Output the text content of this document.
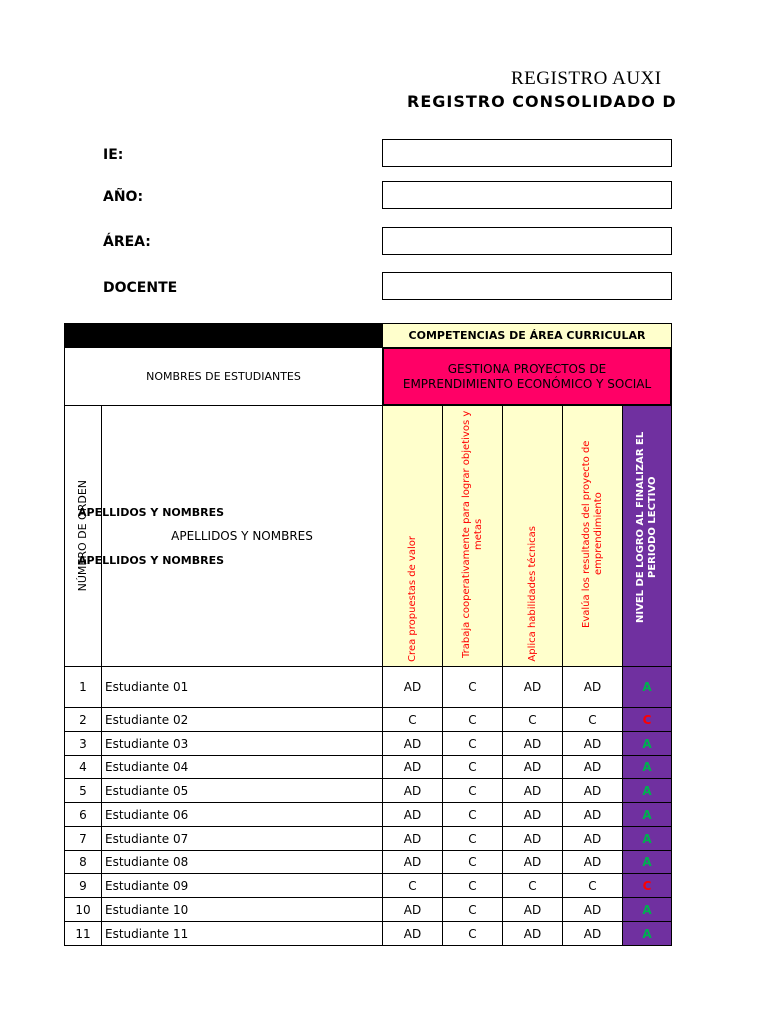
REGISTRO AUXI
REGISTRO CONSOLIDADO D
IE:
AÑO:
ÁREA:
DOCENTE
COMPETENCIAS DE ÁREA CURRICULAR
NOMBRES DE ESTUDIANTES
GESTIONA PROYECTOS DE EMPRENDIMIENTO ECONÓMICO Y SOCIAL
NÚMERO DE ORDEN	APELLIDOS Y NOMBRES
APELLIDOS Y NOMBRES
APELLIDOS Y NOMBRES	Crea propuestas de valor	Trabaja cooperativamente para lograr objetivos y metas	Aplica habilidades técnicas	Evalúa los resultados del proyecto de emprendimiento	NIVEL DE LOGRO AL FINALIZAR EL PERIODO LECTIVO
1	Estudiante 01	AD	C	AD	AD	A
2	Estudiante 02	C	C	C	C	C
3	Estudiante 03	AD	C	AD	AD	A
4	Estudiante 04	AD	C	AD	AD	A
5	Estudiante 05	AD	C	AD	AD	A
6	Estudiante 06	AD	C	AD	AD	A
7	Estudiante 07	AD	C	AD	AD	A
8	Estudiante 08	AD	C	AD	AD	A
9	Estudiante 09	C	C	C	C	C
10	Estudiante 10	AD	C	AD	AD	A
11	Estudiante 11	AD	C	AD	AD	A
